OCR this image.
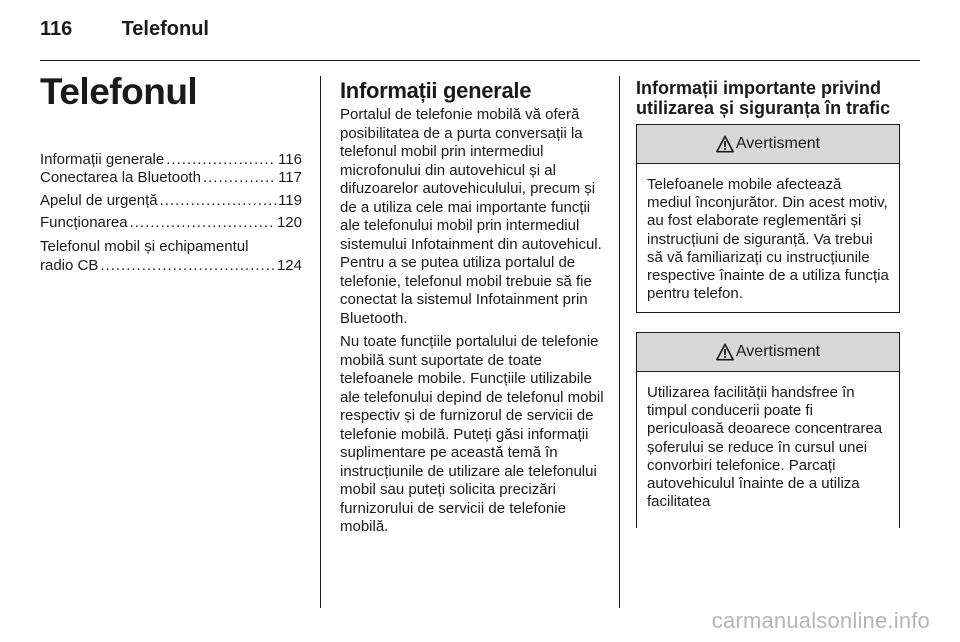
116 Telefonul
Telefonul
Informații generale .....	116
Conectarea la Bluetooth .....	117
Apelul de urgență .....	119
Funcționarea .....	120
Telefonul mobil și echipamentul
radio CB .....	124
Informații generale

Portalul de telefonie mobilă vă oferă posibilitatea de a purta conversații la telefonul mobil prin intermediul microfonului din autovehicul și al difuzoarelor autovehiculului, precum și de a utiliza cele mai importante funcții ale telefonului mobil prin intermediul sistemului Infotainment din autovehicul. Pentru a se putea utiliza portalul de telefonie, telefonul mobil trebuie să fie conectat la sistemul Infotainment prin Bluetooth.

Nu toate funcțiile portalului de telefonie mobilă sunt suportate de toate telefoanele mobile. Funcțiile utilizabile ale telefonului depind de telefonul mobil respectiv și de furnizorul de servicii de telefonie mobilă. Puteți găsi informații suplimentare pe această temă în instrucțiunile de utilizare ale telefonului mobil sau puteți solicita precizări furnizorului de servicii de telefonie mobilă.

Informații importante privind utilizarea și siguranța în trafic
Avertisment
Telefoanele mobile afectează mediul înconjurător. Din acest motiv, au fost elaborate reglementări și instrucțiuni de siguranță. Va trebui să vă familiarizați cu instrucțiunile respective înainte de a utiliza funcția pentru telefon.
Avertisment
Utilizarea facilității handsfree în timpul conducerii poate fi periculoasă deoarece concentrarea șoferului se reduce în cursul unei convorbiri telefonice. Parcați autovehiculul înainte de a utiliza facilitatea
carmanualsonline.info
